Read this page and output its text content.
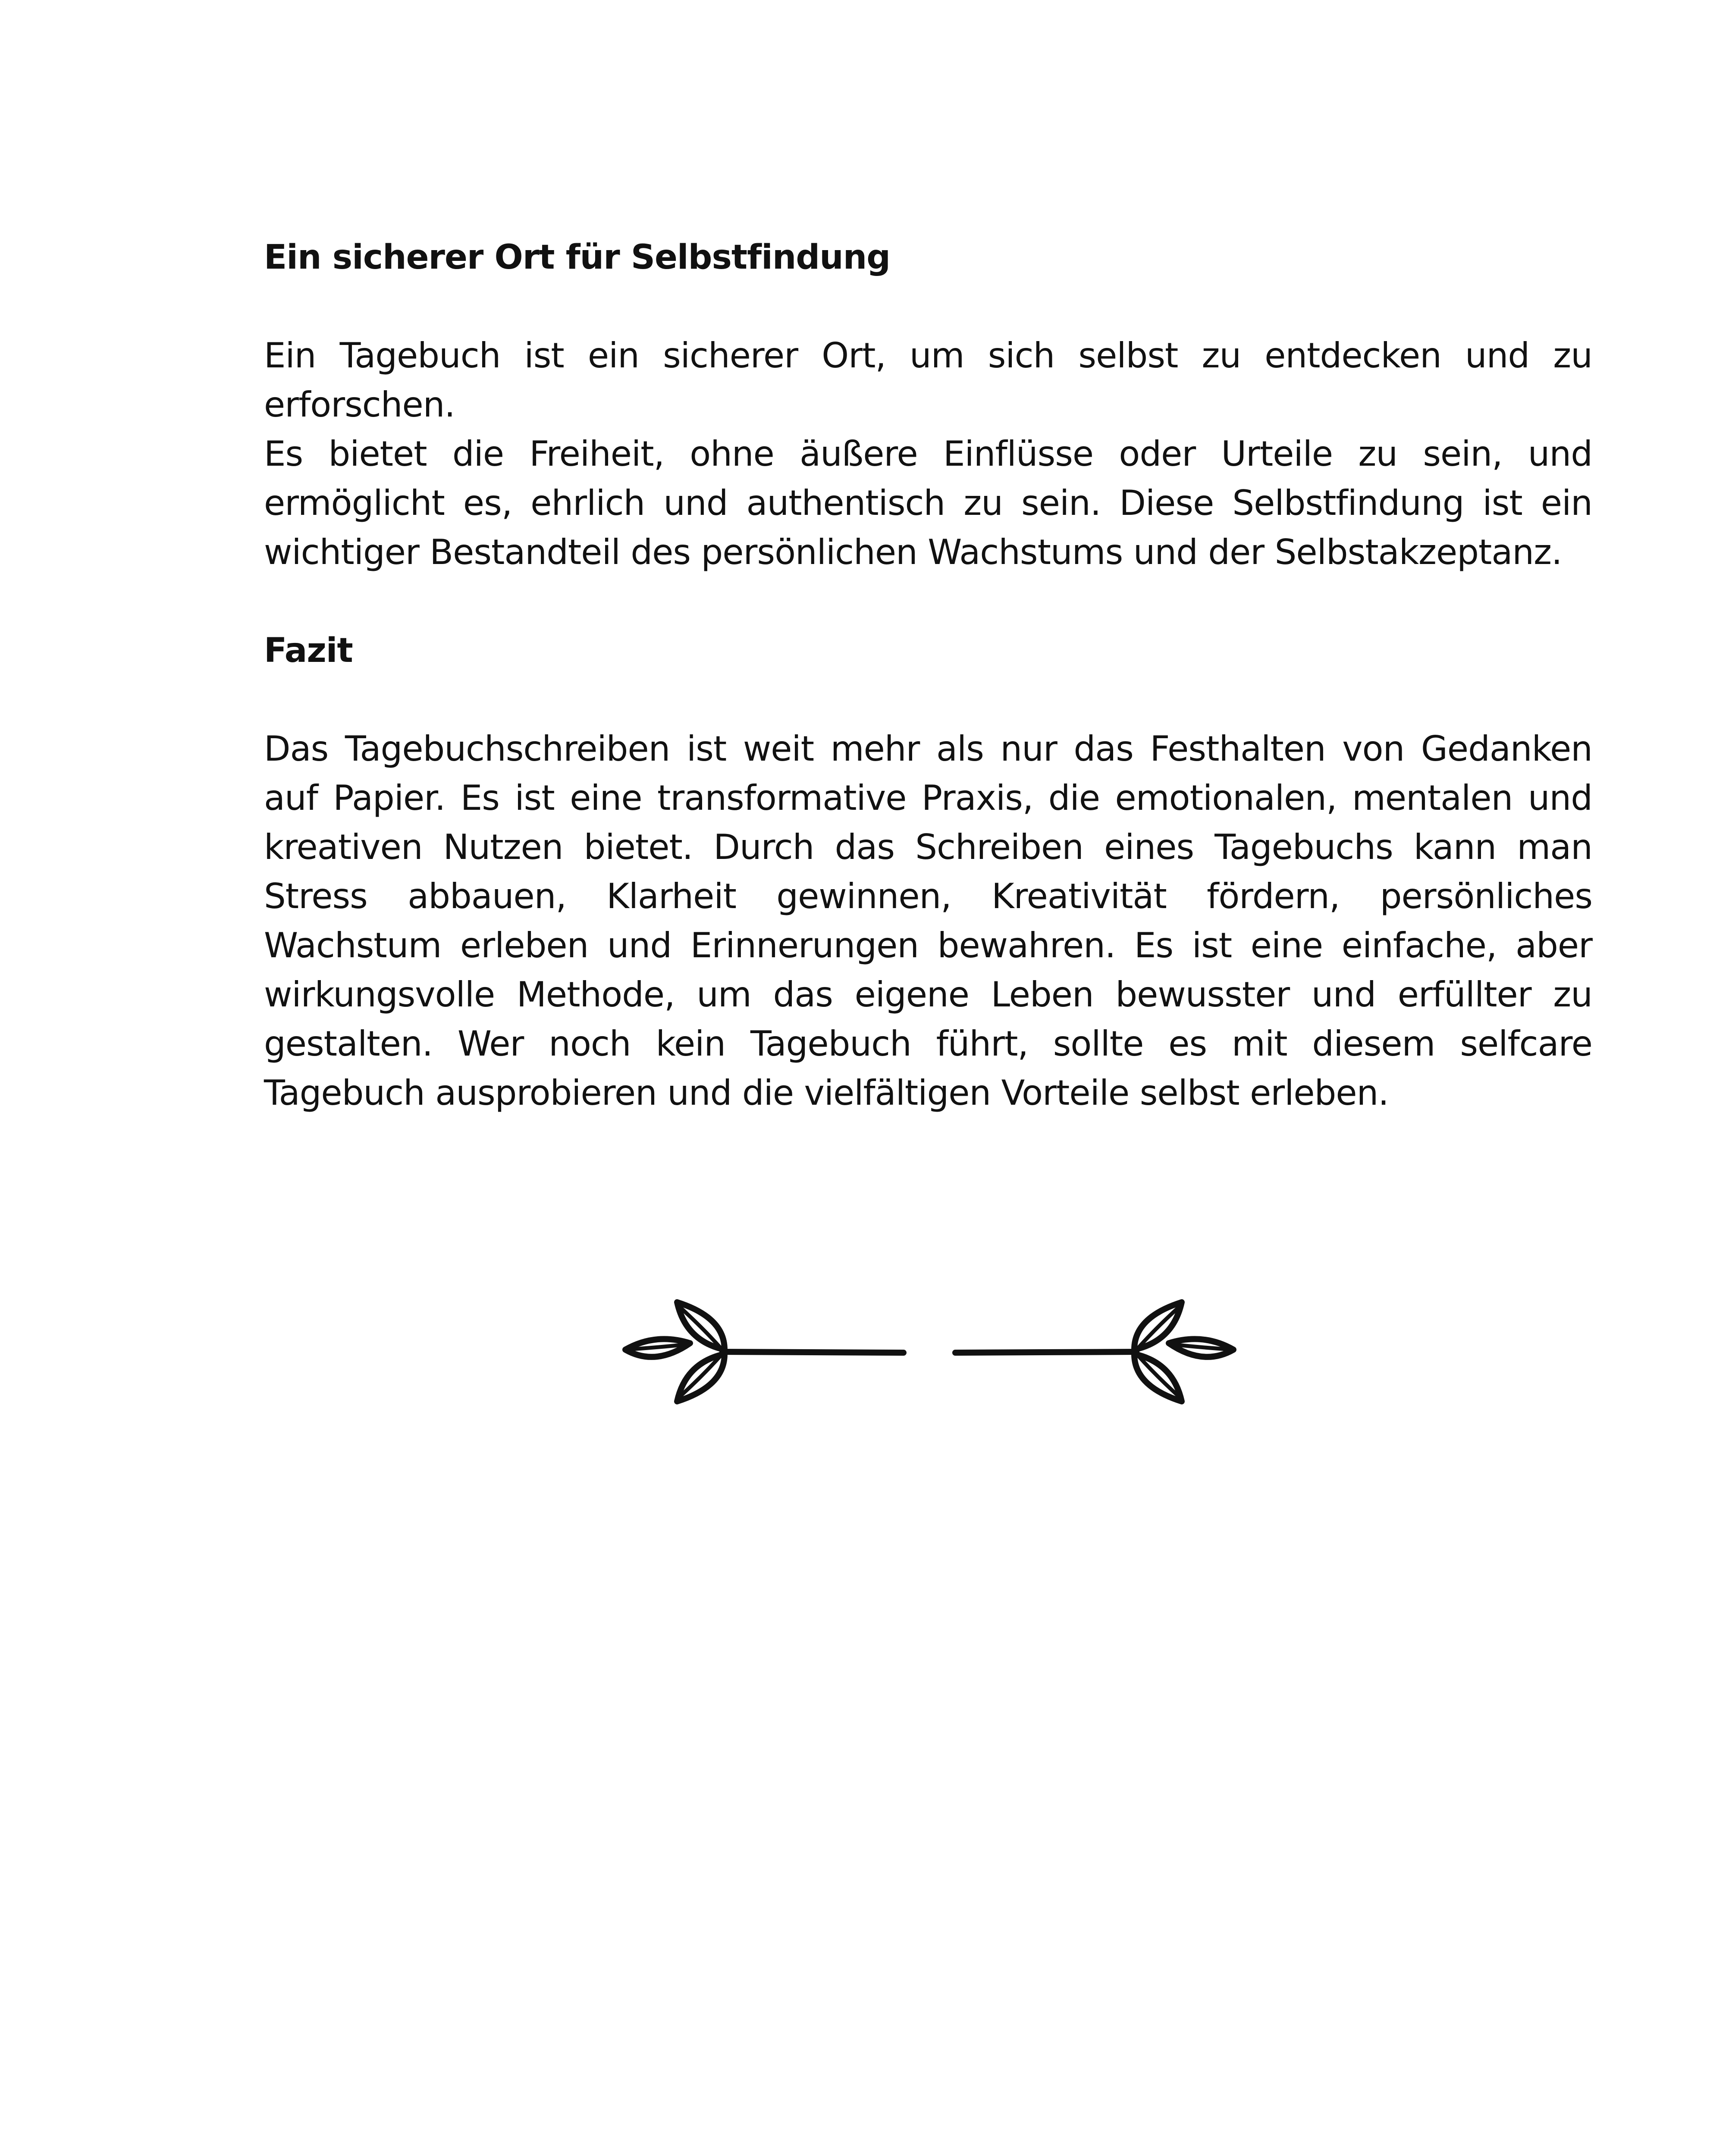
Ein sicherer Ort für Selbstfindung

Ein Tagebuch ist ein sicherer Ort, um sich selbst zu entdecken und zu erforschen.

Es bietet die Freiheit, ohne äußere Einflüsse oder Urteile zu sein, und ermöglicht es, ehrlich und authentisch zu sein. Diese Selbstfindung ist ein wichtiger Bestandteil des persönlichen Wachstums und der Selbstakzeptanz.

Fazit

Das Tagebuchschreiben ist weit mehr als nur das Festhalten von Gedanken auf Papier. Es ist eine transformative Praxis, die emotionalen, mentalen und kreativen Nutzen bietet. Durch das Schreiben eines Tagebuchs kann man Stress abbauen, Klarheit gewinnen, Kreativität fördern, persönliches Wachstum erleben und Erinnerungen bewahren. Es ist eine einfache, aber wirkungsvolle Methode, um das eigene Leben bewusster und erfüllter zu gestalten. Wer noch kein Tagebuch führt, sollte es mit diesem selfcare Tagebuch ausprobieren und die vielfältigen Vorteile selbst erleben.
